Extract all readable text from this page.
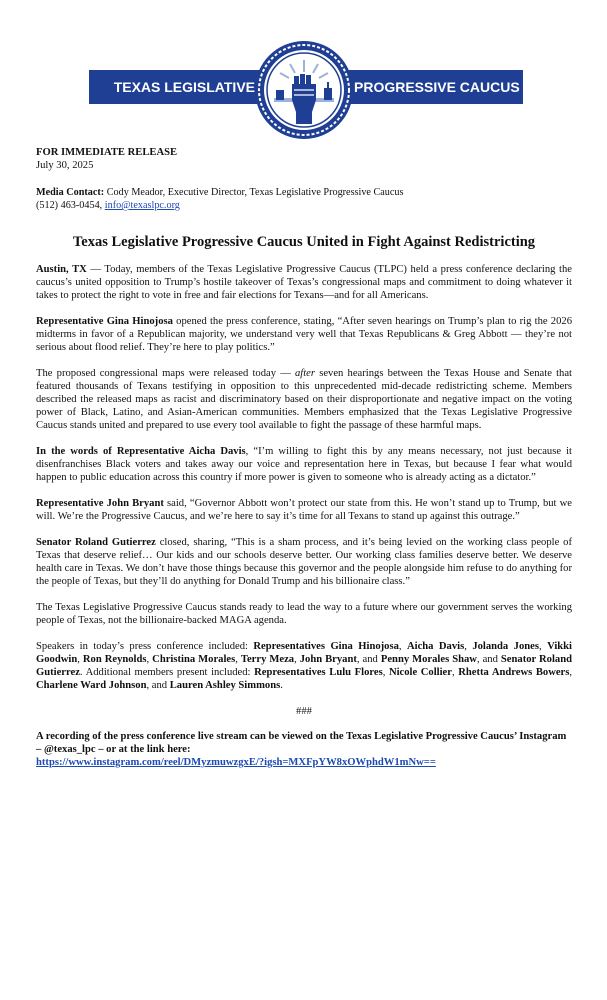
TEXAS LEGISLATIVE	PROGRESSIVE CAUCUS

FOR IMMEDIATE RELEASE

July 30, 2025

Media Contact: Cody Meador, Executive Director, Texas Legislative Progressive Caucus
(512) 463-0454, info@texaslpc.org

Texas Legislative Progressive Caucus United in Fight Against Redistricting

Austin, TX — Today, members of the Texas Legislative Progressive Caucus (TLPC) held a press conference declaring the caucus’s united opposition to Trump’s hostile takeover of Texas’s congressional maps and commitment to doing whatever it takes to protect the right to vote in free and fair elections for Texans—and for all Americans.

Representative Gina Hinojosa opened the press conference, stating, “After seven hearings on Trump’s plan to rig the 2026 midterms in favor of a Republican majority, we understand very well that Texas Republicans & Greg Abbott — they’re not serious about flood relief. They’re here to play politics.”

The proposed congressional maps were released today — after seven hearings between the Texas House and Senate that featured thousands of Texans testifying in opposition to this unprecedented mid-decade redistricting scheme. Members described the released maps as racist and discriminatory based on their disproportionate and negative impact on the voting power of Black, Latino, and Asian-American communities. Members emphasized that the Texas Legislative Progressive Caucus stands united and prepared to use every tool available to fight the passage of these harmful maps.

In the words of Representative Aicha Davis, “I’m willing to fight this by any means necessary, not just because it disenfranchises Black voters and takes away our voice and representation here in Texas, but because I fear what would happen to public education across this country if more power is given to someone who is already acting as a dictator.”

Representative John Bryant said, “Governor Abbott won’t protect our state from this. He won’t stand up to Trump, but we will. We’re the Progressive Caucus, and we’re here to say it’s time for all Texans to stand up against this outrage.”

Senator Roland Gutierrez closed, sharing, “This is a sham process, and it’s being levied on the working class people of Texas that deserve relief… Our kids and our schools deserve better. Our working class families deserve better. We deserve health care in Texas. We don’t have those things because this governor and the people alongside him refuse to do anything for the people of Texas, but they’ll do anything for Donald Trump and his billionaire class.”

The Texas Legislative Progressive Caucus stands ready to lead the way to a future where our government serves the working people of Texas, not the billionaire-backed MAGA agenda.

Speakers in today’s press conference included: Representatives Gina Hinojosa, Aicha Davis, Jolanda Jones, Vikki Goodwin, Ron Reynolds, Christina Morales, Terry Meza, John Bryant, and Penny Morales Shaw, and Senator Roland Gutierrez. Additional members present included: Representatives Lulu Flores, Nicole Collier, Rhetta Andrews Bowers, Charlene Ward Johnson, and Lauren Ashley Simmons.

###

A recording of the press conference live stream can be viewed on the Texas Legislative Progressive Caucus’ Instagram – @texas_lpc – or at the link here:

https://www.instagram.com/reel/DMyzmuwzgxE/?igsh=MXFpYW8xOWphdW1mNw==
